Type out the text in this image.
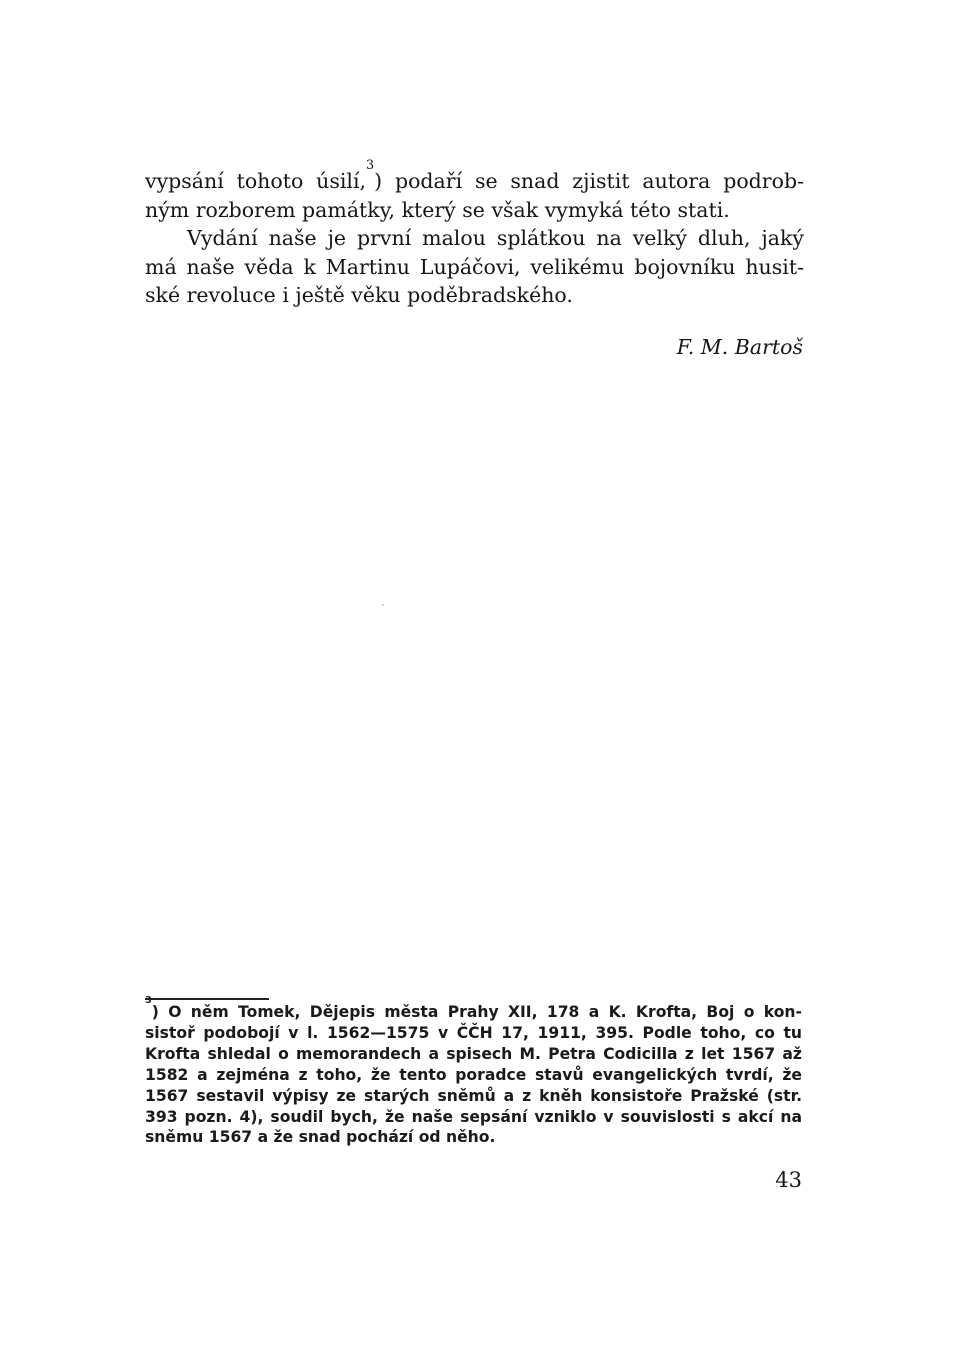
vypsání tohoto úsilí,$^3$) podaří se snad zjistit autora podrob-
ným rozborem památky, který se však vymyká této stati.
Vydání naše je první malou splátkou na velký dluh, jaký
má naše věda k Martinu Lupáčovi, velikému bojovníku husit-
ské revoluce i ještě věku poděbradského.
F. M. Bartoš
$^3$) O něm Tomek, Dějepis města Prahy XII, 178 a K. Krofta, Boj o kon-
sistoř podobojí v l. 1562—1575 v ČČH 17, 1911, 395. Podle toho, co tu
Krofta shledal o memorandech a spisech M. Petra Codicilla z let 1567 až
1582 a zejména z toho, že tento poradce stavů evangelických tvrdí, že
1567 sestavil výpisy ze starých sněmů a z kněh konsistoře Pražské (str.
393 pozn. 4), soudil bych, že naše sepsání vzniklo v souvislosti s akcí na
sněmu 1567 a že snad pochází od něho.
43
